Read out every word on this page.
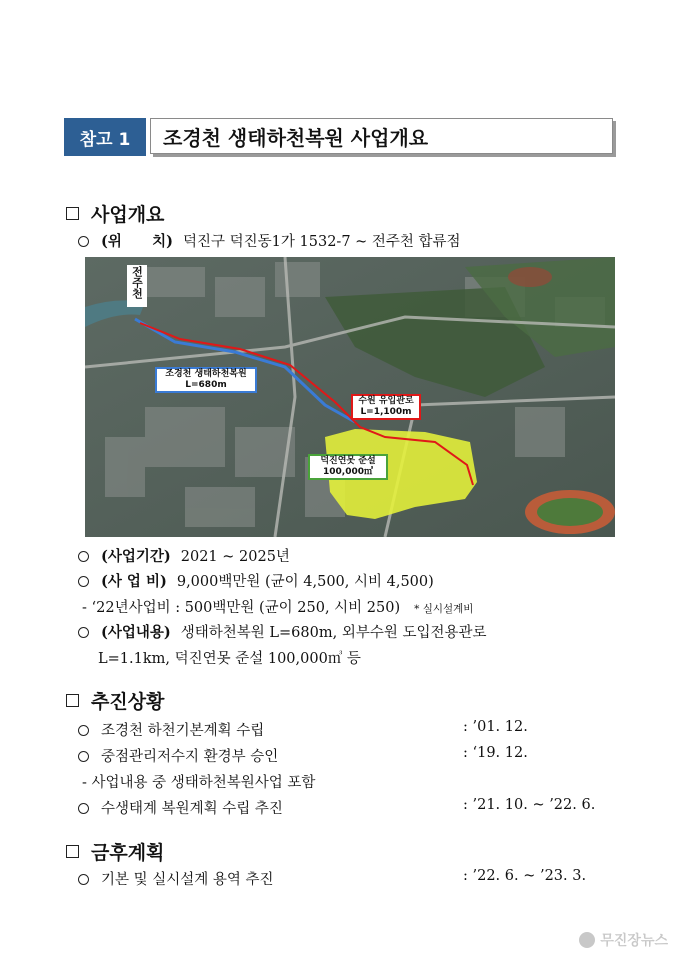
참고 1	조경천 생태하천복원 사업개요
사업개요
(위      치) 덕진구 덕진동1가 1532-7 ~ 전주천 합류점
전주천
조경천 생태하천복원
L=680m
수원 유입관로
L=1,100m
덕진연못 준설
100,000㎥
(사업기간) 2021 ~ 2025년
(사 업 비) 9,000백만원 (균이 4,500, 시비 4,500)
- ‘22년사업비 : 500백만원 (균이 250, 시비 250) * 실시설계비
(사업내용) 생태하천복원 L=680m, 외부수원 도입전용관로
L=1.1km, 덕진연못 준설 100,000㎥ 등
추진상황
조경천 하천기본계획 수립	: ’01. 12.
중점관리저수지 환경부 승인	: ‘19. 12.
- 사업내용 중 생태하천복원사업 포함
수생태계 복원계획 수립 추진	: ’21. 10. ~ ’22. 6.
금후계획
기본 및 실시설계 용역 추진	: ’22. 6. ~ ’23. 3.
무진장뉴스
